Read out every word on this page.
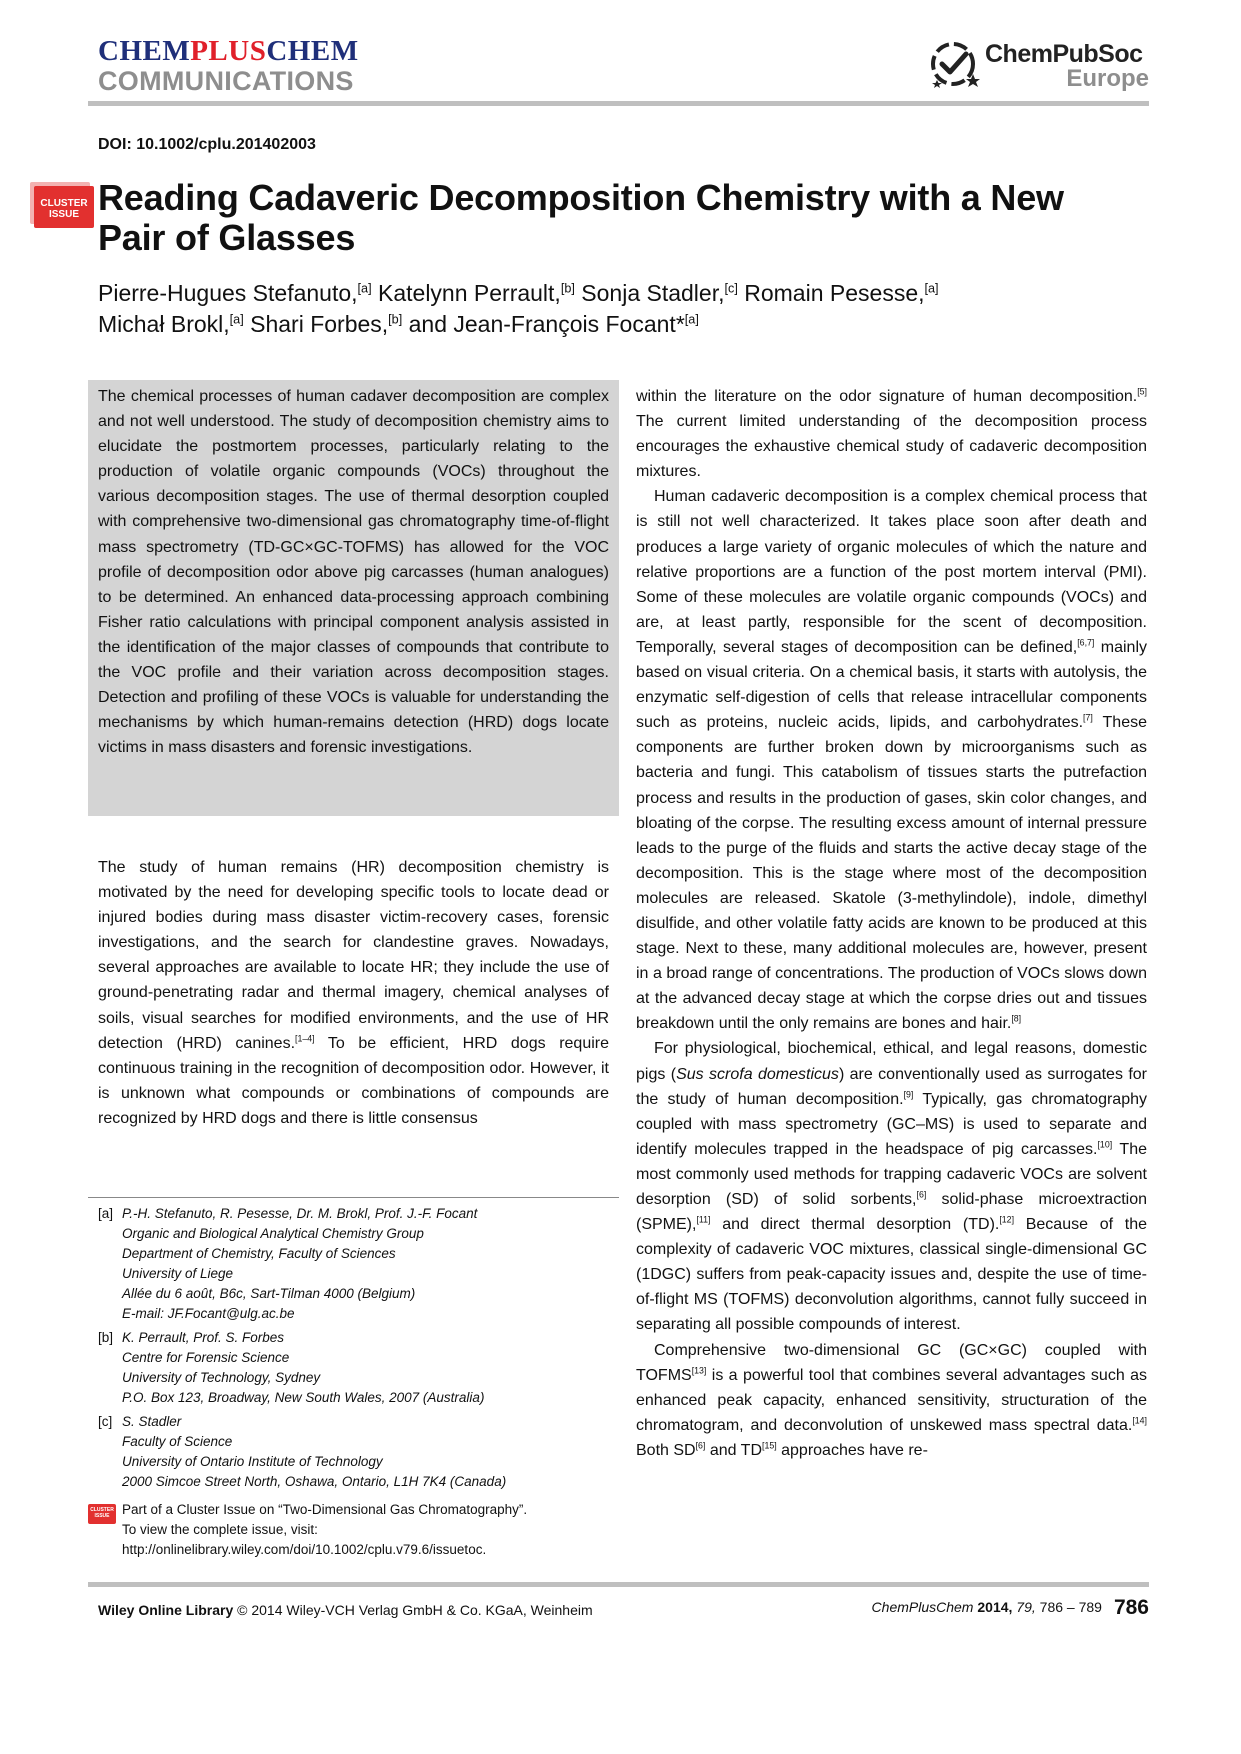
CHEMPLUSCHEM
COMMUNICATIONS
ChemPubSoc
Europe
DOI: 10.1002/cplu.201402003
CLUSTER
ISSUE Reading Cadaveric Decomposition Chemistry with a New Pair of Glasses
Pierre-Hugues Stefanuto,[a] Katelynn Perrault,[b] Sonja Stadler,[c] Romain Pesesse,[a]
Michał Brokl,[a] Shari Forbes,[b] and Jean-François Focant*[a]
The chemical processes of human cadaver decomposition are complex and not well understood. The study of decomposition chemistry aims to elucidate the postmortem processes, particularly relating to the production of volatile organic compounds (VOCs) throughout the various decomposition stages. The use of thermal desorption coupled with comprehensive two-dimensional gas chromatography time-of-flight mass spectrometry (TD-GC×GC-TOFMS) has allowed for the VOC profile of decomposition odor above pig carcasses (human analogues) to be determined. An enhanced data-processing approach combining Fisher ratio calculations with principal component analysis assisted in the identification of the major classes of compounds that contribute to the VOC profile and their variation across decomposition stages. Detection and profiling of these VOCs is valuable for understanding the mechanisms by which human-remains detection (HRD) dogs locate victims in mass disasters and forensic investigations.

The study of human remains (HR) decomposition chemistry is motivated by the need for developing specific tools to locate dead or injured bodies during mass disaster victim-recovery cases, forensic investigations, and the search for clandestine graves. Nowadays, several approaches are available to locate HR; they include the use of ground-penetrating radar and thermal imagery, chemical analyses of soils, visual searches for modified environments, and the use of HR detection (HRD) canines.[1–4] To be efficient, HRD dogs require continuous training in the recognition of decomposition odor. However, it is unknown what compounds or combinations of compounds are recognized by HRD dogs and there is little consensus

within the literature on the odor signature of human decomposition.[5] The current limited understanding of the decomposition process encourages the exhaustive chemical study of cadaveric decomposition mixtures.

Human cadaveric decomposition is a complex chemical process that is still not well characterized. It takes place soon after death and produces a large variety of organic molecules of which the nature and relative proportions are a function of the post mortem interval (PMI). Some of these molecules are volatile organic compounds (VOCs) and are, at least partly, responsible for the scent of decomposition. Temporally, several stages of decomposition can be defined,[6,7] mainly based on visual criteria. On a chemical basis, it starts with autolysis, the enzymatic self-digestion of cells that release intracellular components such as proteins, nucleic acids, lipids, and carbohydrates.[7] These components are further broken down by microorganisms such as bacteria and fungi. This catabolism of tissues starts the putrefaction process and results in the production of gases, skin color changes, and bloating of the corpse. The resulting excess amount of internal pressure leads to the purge of the fluids and starts the active decay stage of the decomposition. This is the stage where most of the decomposition molecules are released. Skatole (3-methylindole), indole, dimethyl disulfide, and other volatile fatty acids are known to be produced at this stage. Next to these, many additional molecules are, however, present in a broad range of concentrations. The production of VOCs slows down at the advanced decay stage at which the corpse dries out and tissues breakdown until the only remains are bones and hair.[8]

For physiological, biochemical, ethical, and legal reasons, domestic pigs (Sus scrofa domesticus) are conventionally used as surrogates for the study of human decomposition.[9] Typically, gas chromatography coupled with mass spectrometry (GC–MS) is used to separate and identify molecules trapped in the headspace of pig carcasses.[10] The most commonly used methods for trapping cadaveric VOCs are solvent desorption (SD) of solid sorbents,[6] solid-phase microextraction (SPME),[11] and direct thermal desorption (TD).[12] Because of the complexity of cadaveric VOC mixtures, classical single-dimensional GC (1DGC) suffers from peak-capacity issues and, despite the use of time-of-flight MS (TOFMS) deconvolution algorithms, cannot fully succeed in separating all possible compounds of interest.

Comprehensive two-dimensional GC (GC×GC) coupled with TOFMS[13] is a powerful tool that combines several advantages such as enhanced peak capacity, enhanced sensitivity, structuration of the chromatogram, and deconvolution of unskewed mass spectral data.[14] Both SD[6] and TD[15] approaches have re-

[a] P.-H. Stefanuto, R. Pesesse, Dr. M. Brokl, Prof. J.-F. Focant
Organic and Biological Analytical Chemistry Group
Department of Chemistry, Faculty of Sciences
University of Liege
Allée du 6 août, B6c, Sart-Tilman 4000 (Belgium)
E-mail: JF.Focant@ulg.ac.be
[b] K. Perrault, Prof. S. Forbes
Centre for Forensic Science
University of Technology, Sydney
P.O. Box 123, Broadway, New South Wales, 2007 (Australia)
[c] S. Stadler
Faculty of Science
University of Ontario Institute of Technology
2000 Simcoe Street North, Oshawa, Ontario, L1H 7K4 (Canada)
CLUSTER
ISSUE Part of a Cluster Issue on “Two-Dimensional Gas Chromatography”.
To view the complete issue, visit:
http://onlinelibrary.wiley.com/doi/10.1002/cplu.v79.6/issuetoc.
Wiley Online Library © 2014 Wiley-VCH Verlag GmbH & Co. KGaA, Weinheim	ChemPlusChem 2014, 79, 786 – 789 786
